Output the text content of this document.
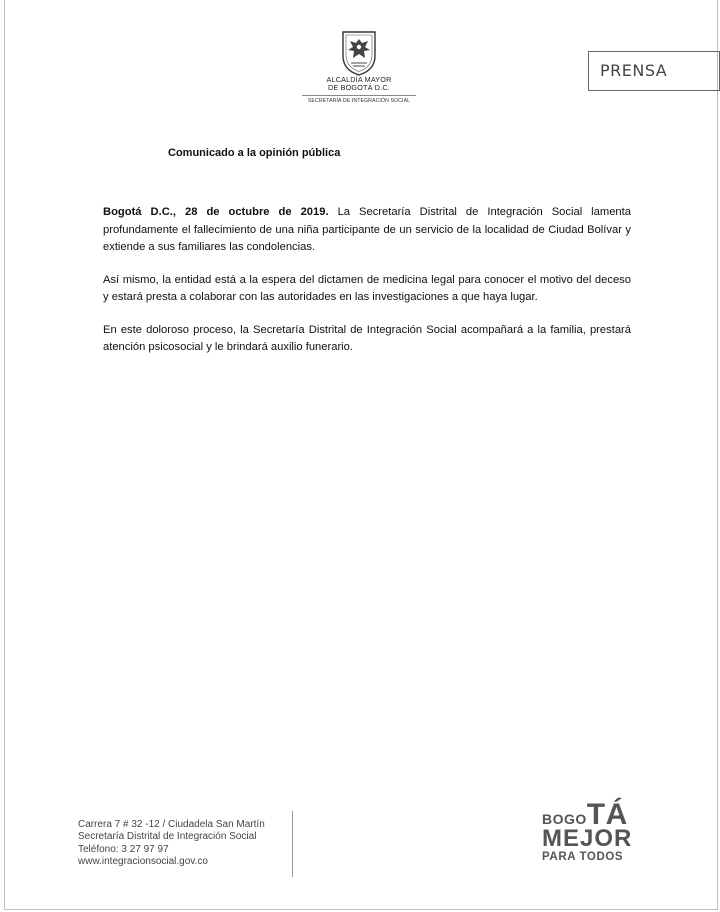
ALCALDÍA MAYOR
DE BOGOTÁ D.C.
SECRETARÍA DE INTEGRACIÓN SOCIAL
PRENSA
Comunicado a la opinión pública

Bogotá D.C., 28 de octubre de 2019. La Secretaría Distrital de Integración Social lamenta profundamente el fallecimiento de una niña participante de un servicio de la localidad de Ciudad Bolívar y extiende a sus familiares las condolencias.

Así mismo, la entidad está a la espera del dictamen de medicina legal para conocer el motivo del deceso y estará presta a colaborar con las autoridades en las investigaciones a que haya lugar.

En este doloroso proceso, la Secretaría Distrital de Integración Social acompañará a la familia, prestará atención psicosocial y le brindará auxilio funerario.

Carrera 7 # 32 -12 / Ciudadela San Martín
Secretaría Distrital de Integración Social
Teléfono: 3 27 97 97
www.integracionsocial.gov.co
BOGOTÁ
MEJOR
PARA TODOS
